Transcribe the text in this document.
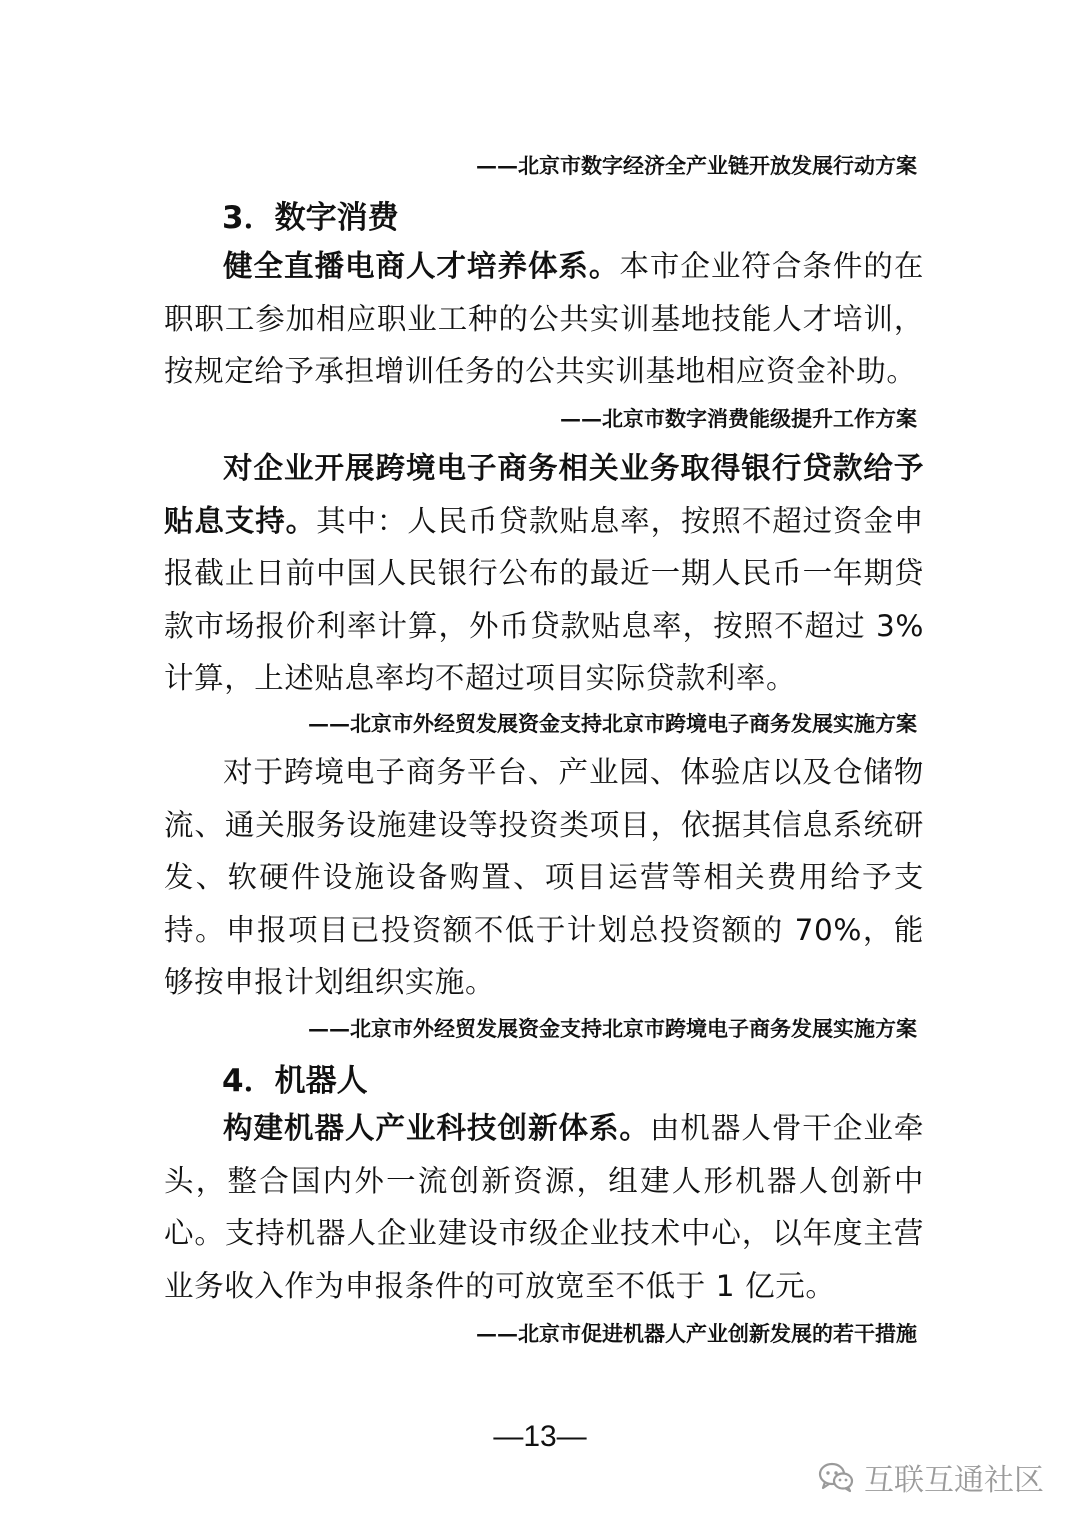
——北京市数字经济全产业链开放发展行动方案
3．数字消费

健全直播电商人才培养体系。本市企业符合条件的在职职工参加相应职业工种的公共实训基地技能人才培训，按规定给予承担增训任务的公共实训基地相应资金补助。

——北京市数字消费能级提升工作方案

对企业开展跨境电子商务相关业务取得银行贷款给予贴息支持。其中：人民币贷款贴息率，按照不超过资金申报截止日前中国人民银行公布的最近一期人民币一年期贷款市场报价利率计算，外币贷款贴息率，按照不超过 3%计算，上述贴息率均不超过项目实际贷款利率。

——北京市外经贸发展资金支持北京市跨境电子商务发展实施方案

对于跨境电子商务平台、产业园、体验店以及仓储物流、通关服务设施建设等投资类项目，依据其信息系统研发、软硬件设施设备购置、项目运营等相关费用给予支持。申报项目已投资额不低于计划总投资额的 70%，能够按申报计划组织实施。

——北京市外经贸发展资金支持北京市跨境电子商务发展实施方案
4．机器人

构建机器人产业科技创新体系。由机器人骨干企业牵头，整合国内外一流创新资源，组建人形机器人创新中心。支持机器人企业建设市级企业技术中心，以年度主营业务收入作为申报条件的可放宽至不低于 1 亿元。

——北京市促进机器人产业创新发展的若干措施
—13—
互联互通社区
